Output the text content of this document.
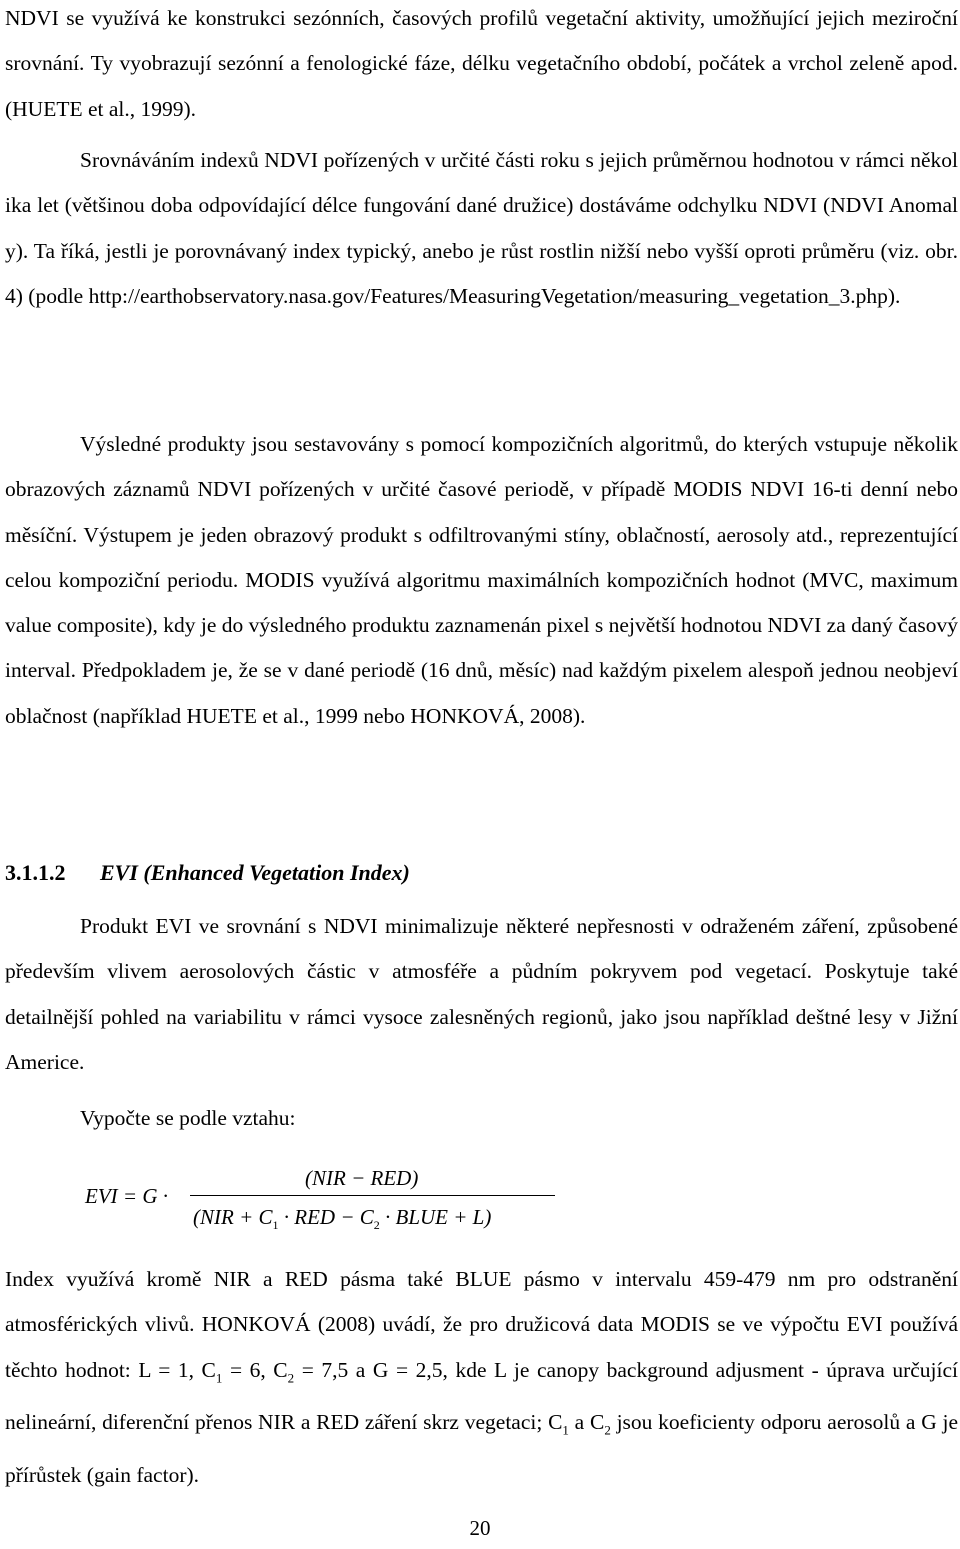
NDVI se využívá ke konstrukci sezónních, časových profilů vegetační aktivity, umožňující jejich meziroční srovnání. Ty vyobrazují sezónní a fenologické fáze, délku vegetačního období, počátek a vrchol zeleně apod. (HUETE et al., 1999).

Srovnáváním indexů NDVI pořízených v určité části roku s jejich průměrnou hodnotou v rámci několika let (většinou doba odpovídající délce fungování dané družice) dostáváme odchylku NDVI (NDVI Anomaly). Ta říká, jestli je porovnávaný index typický, anebo je růst rostlin nižší nebo vyšší oproti průměru (viz. obr. 4) (podle http://earthobservatory.nasa.gov/Features/MeasuringVegetation/measuring_vegetation_3.php).

Výsledné produkty jsou sestavovány s pomocí kompozičních algoritmů, do kterých vstupuje několik obrazových záznamů NDVI pořízených v určité časové periodě, v případě MODIS NDVI 16-ti denní nebo měsíční. Výstupem je jeden obrazový produkt s odfiltrovanými stíny, oblačností, aerosoly atd., reprezentující celou kompoziční periodu. MODIS využívá algoritmu maximálních kompozičních hodnot (MVC, maximum value composite), kdy je do výsledného produktu zaznamenán pixel s největší hodnotou NDVI za daný časový interval. Předpokladem je, že se v dané periodě (16 dnů, měsíc) nad každým pixelem alespoň jednou neobjeví oblačnost (například HUETE et al., 1999 nebo HONKOVÁ, 2008).

3.1.1.2 EVI (Enhanced Vegetation Index)

Produkt EVI ve srovnání s NDVI minimalizuje některé nepřesnosti v odraženém záření, způsobené především vlivem aerosolových částic v atmosféře a půdním pokryvem pod vegetací. Poskytuje také detailnější pohled na variabilitu v rámci vysoce zalesněných regionů, jako jsou například deštné lesy v Jižní Americe.

Vypočte se podle vztahu:

EVI = G ·
(NIR − RED)
($NIR + C_1$ · RED − $C_2$ · BLUE + L)

Index využívá kromě NIR a RED pásma také BLUE pásmo v intervalu 459-479 nm pro odstranění atmosférických vlivů. HONKOVÁ (2008) uvádí, že pro družicová data MODIS se ve výpočtu EVI používá těchto hodnot: L = 1, $C_1 = 6$, $C_2 = 7,5$ a G = 2,5, kde L je canopy background adjusment - úprava určující nelineární, diferenční přenos NIR a RED záření skrz vegetaci; $C_1$ a $C_2$ jsou koeficienty odporu aerosolů a G je přírůstek (gain factor).

20
